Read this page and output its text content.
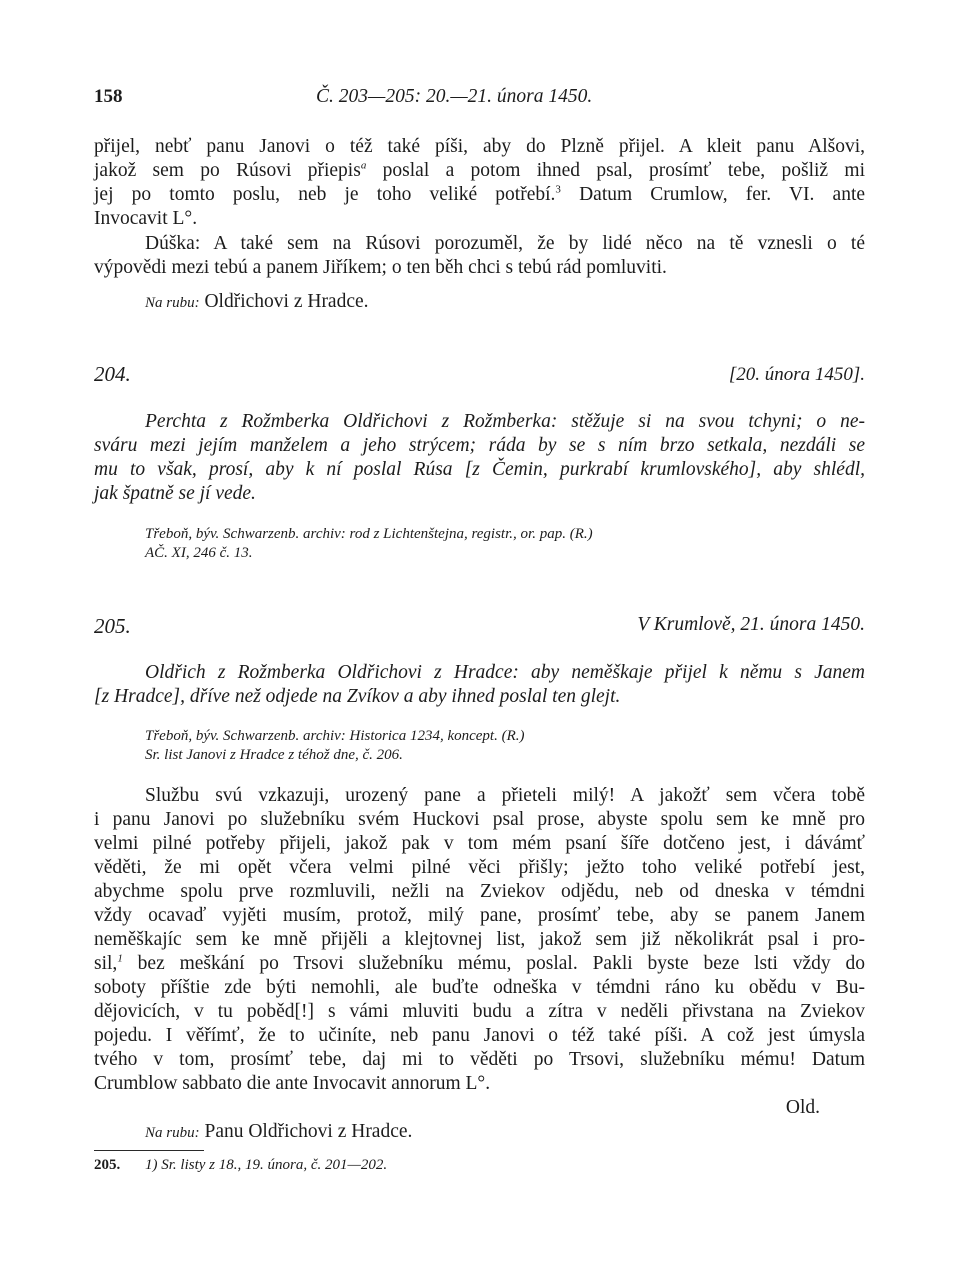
158	Č. 203—205: 20.—21. února 1450.
přijel, nebť panu Janovi o též také píši, aby do Plzně přijel. A kleit panu Alšovi,
jakož sem po Rúsovi přiepis$^a$ poslal a potom ihned psal, prosímť tebe, pošliž mi
jej po tomto poslu, neb je toho veliké potřebí.$^3$ Datum Crumlow, fer. VI. ante
Invocavit L°.
Dúška: A také sem na Rúsovi porozuměl, že by lidé něco na tě vznesli o té
výpovědi mezi tebú a panem Jiříkem; o ten běh chci s tebú rád pomluviti.
Na rubu: Oldřichovi z Hradce.
204.	[20. února 1450].
Perchta z Rožmberka Oldřichovi z Rožmberka: stěžuje si na svou tchyni; o ne-
sváru mezi jejím manželem a jeho strýcem; ráda by se s ním brzo setkala, nezdáli se
mu to však, prosí, aby k ní poslal Rúsa [z Čemin, purkrabí krumlovského], aby shlédl,
jak špatně se jí vede.
Třeboň, býv. Schwarzenb. archiv: rod z Lichtenštejna, registr., or. pap. (R.)
AČ. XI, 246 č. 13.
205.	V Krumlově, 21. února 1450.
Oldřich z Rožmberka Oldřichovi z Hradce: aby neměškaje přijel k němu s Janem
[z Hradce], dříve než odjede na Zvíkov a aby ihned poslal ten glejt.
Třeboň, býv. Schwarzenb. archiv: Historica 1234, koncept. (R.)
Sr. list Janovi z Hradce z téhož dne, č. 206.
Službu svú vzkazuji, urozený pane a přieteli milý! A jakožť sem včera tobě
i panu Janovi po služebníku svém Huckovi psal prose, abyste spolu sem ke mně pro
velmi pilné potřeby přijeli, jakož pak v tom mém psaní šíře dotčeno jest, i dávámť
věděti, že mi opět včera velmi pilné věci přišly; ježto toho veliké potřebí jest,
abychme spolu prve rozmluvili, nežli na Zviekov odjědu, neb od dneska v témdni
vždy ocavaď vyjěti musím, protož, milý pane, prosímť tebe, aby se panem Janem
neměškajíc sem ke mně přijěli a klejtovnej list, jakož sem již několikrát psal i pro-
sil,$^1$ bez meškání po Trsovi služebníku mému, poslal. Pakli byste beze lsti vždy do
soboty příštie zde býti nemohli, ale buďte odneška v témdni ráno ku obědu v Bu-
dějovicích, v tu poběd[!] s vámi mluviti budu a zítra v neděli přivstana na Zviekov
pojedu. I věřímť, že to učiníte, neb panu Janovi o též také píši. A což jest úmysla
tvého v tom, prosímť tebe, daj mi to věděti po Trsovi, služebníku mému! Datum
Crumblow sabbato die ante Invocavit annorum L°.
Old.
Na rubu: Panu Oldřichovi z Hradce.
205. 1) Sr. listy z 18., 19. února, č. 201—202.
